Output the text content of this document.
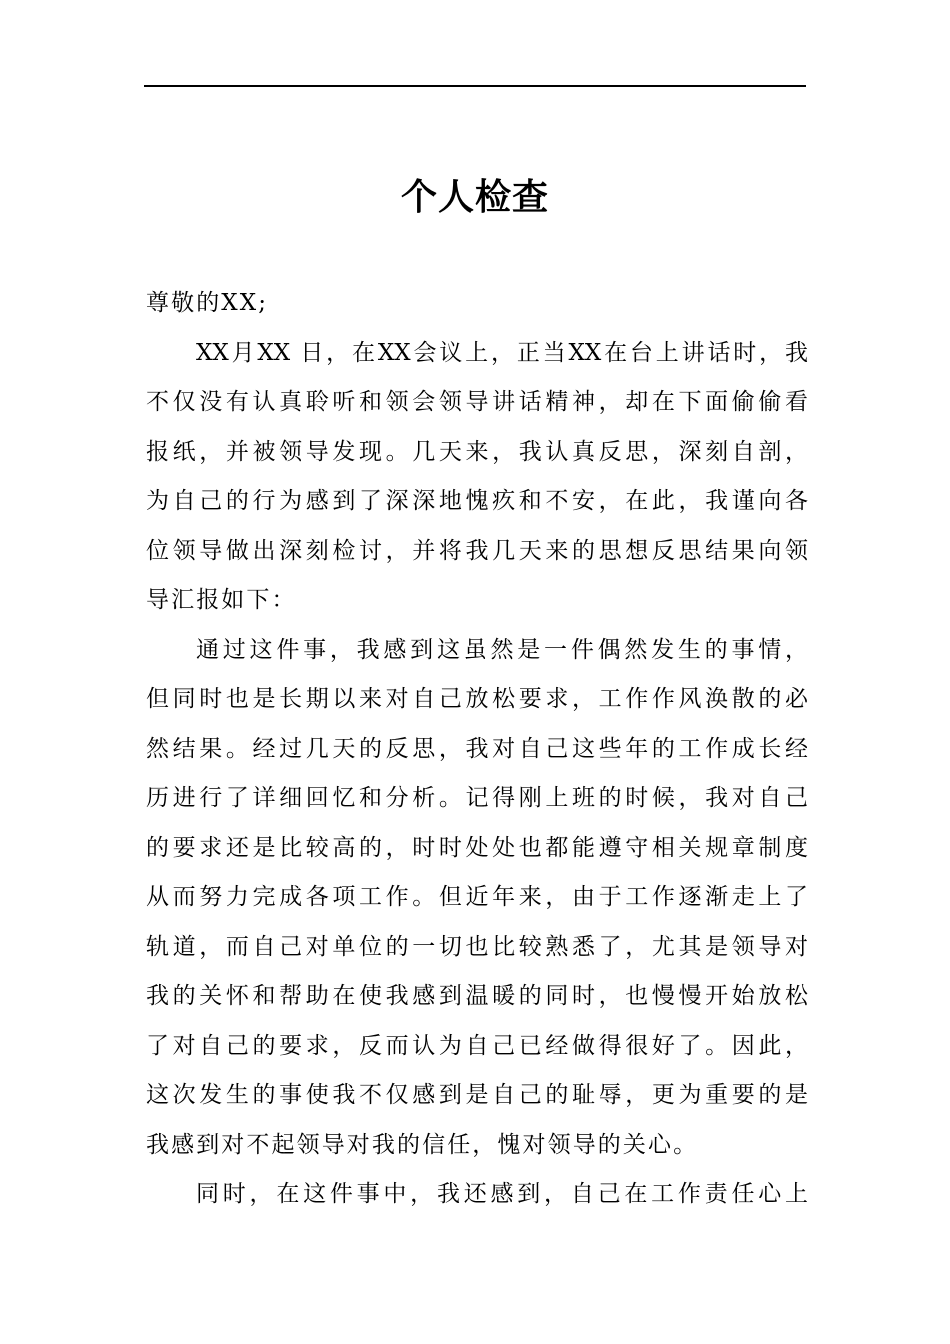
个人检查
尊敬的XX;
XX月XX 日，在XX会议上，正当XX在台上讲话时，我
不仅没有认真聆听和领会领导讲话精神，却在下面偷偷看
报纸，并被领导发现。几天来，我认真反思，深刻自剖，
为自己的行为感到了深深地愧疚和不安，在此，我谨向各
位领导做出深刻检讨，并将我几天来的思想反思结果向领
导汇报如下：
通过这件事，我感到这虽然是一件偶然发生的事情，
但同时也是长期以来对自己放松要求，工作作风涣散的必
然结果。经过几天的反思，我对自己这些年的工作成长经
历进行了详细回忆和分析。记得刚上班的时候，我对自己
的要求还是比较高的，时时处处也都能遵守相关规章制度
从而努力完成各项工作。但近年来，由于工作逐渐走上了
轨道，而自己对单位的一切也比较熟悉了，尤其是领导对
我的关怀和帮助在使我感到温暖的同时，也慢慢开始放松
了对自己的要求，反而认为自己已经做得很好了。因此，
这次发生的事使我不仅感到是自己的耻辱，更为重要的是
我感到对不起领导对我的信任，愧对领导的关心。
同时，在这件事中，我还感到，自己在工作责任心上
